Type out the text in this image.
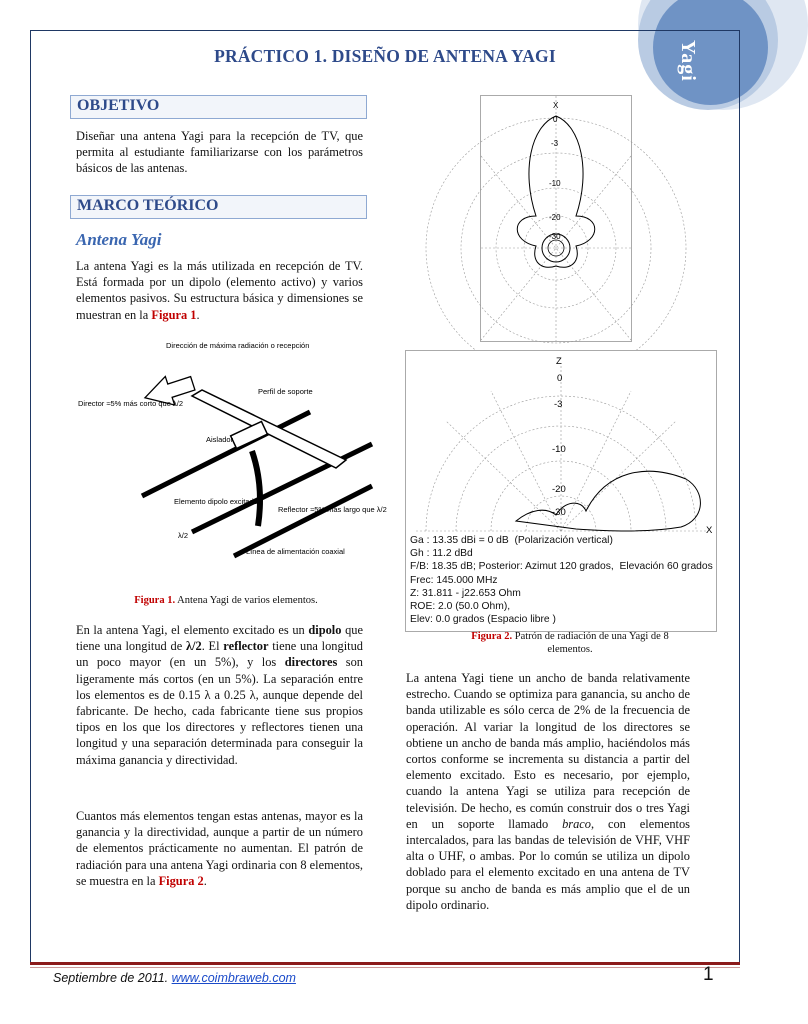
Yagi
PRÁCTICO 1. DISEÑO DE ANTENA YAGI
OBJETIVO

Diseñar una antena Yagi para la recepción de TV, que permita al estudiante familiarizarse con los parámetros básicos de las antenas.

MARCO TEÓRICO
Antena Yagi

La antena Yagi es la más utilizada en recepción de TV. Está formada por un dipolo (elemento activo) y varios elementos pasivos. Su estructura básica y dimensiones se muestran en la Figura 1.

Dirección de máxima radiación o recepción Director ≈5% más corto que λ/2 Perfil de soporte Aislador Elemento dipolo excitado λ/2 Reflector ≈5% más largo que λ/2 Línea de alimentación coaxial
Figura 1. Antena Yagi de varios elementos.

En la antena Yagi, el elemento excitado es un dipolo que tiene una longitud de λ/2. El reflector tiene una longitud un poco mayor (en un 5%), y los directores son ligeramente más cortos (en un 5%). La separación entre los elementos es de 0.15 λ a 0.25 λ, aunque depende del fabricante. De hecho, cada fabricante tiene sus propios tipos en los que los directores y reflectores tienen una longitud y una separación determinada para conseguir la máxima ganancia y directividad.

Cuantos más elementos tengan estas antenas, mayor es la ganancia y la directividad, aunque a partir de un número de elementos prácticamente no aumentan. El patrón de radiación para una antena Yagi ordinaria con 8 elementos, se muestra en la Figura 2.

X 0 -3 -10 -20 -30
Z X 0 -3 -10 -20 -30
Ga : 13.35 dBi = 0 dB  (Polarización vertical)
Gh : 11.2 dBd
F/B: 18.35 dB; Posterior: Azimut 120 grados,  Elevación 60 grados
Frec: 145.000 MHz
Z: 31.811 - j22.653 Ohm
ROE: 2.0 (50.0 Ohm),
Elev: 0.0 grados (Espacio libre )
Figura 2. Patrón de radiación de una Yagi de 8 elementos.

La antena Yagi tiene un ancho de banda relativamente estrecho. Cuando se optimiza para ganancia, su ancho de banda utilizable es sólo cerca de 2% de la frecuencia de operación. Al variar la longitud de los directores se obtiene un ancho de banda más amplio, haciéndolos más cortos conforme se incrementa su distancia a partir del elemento excitado. Esto es necesario, por ejemplo, cuando la antena Yagi se utiliza para recepción de televisión. De hecho, es común construir dos o tres Yagi en un soporte llamado braco, con elementos intercalados, para las bandas de televisión de VHF, VHF alta o UHF, o ambas. Por lo común se utiliza un dipolo doblado para el elemento excitado en una antena de TV porque su ancho de banda es más amplio que el de un dipolo ordinario.

Septiembre de 2011. www.coimbraweb.com	1
